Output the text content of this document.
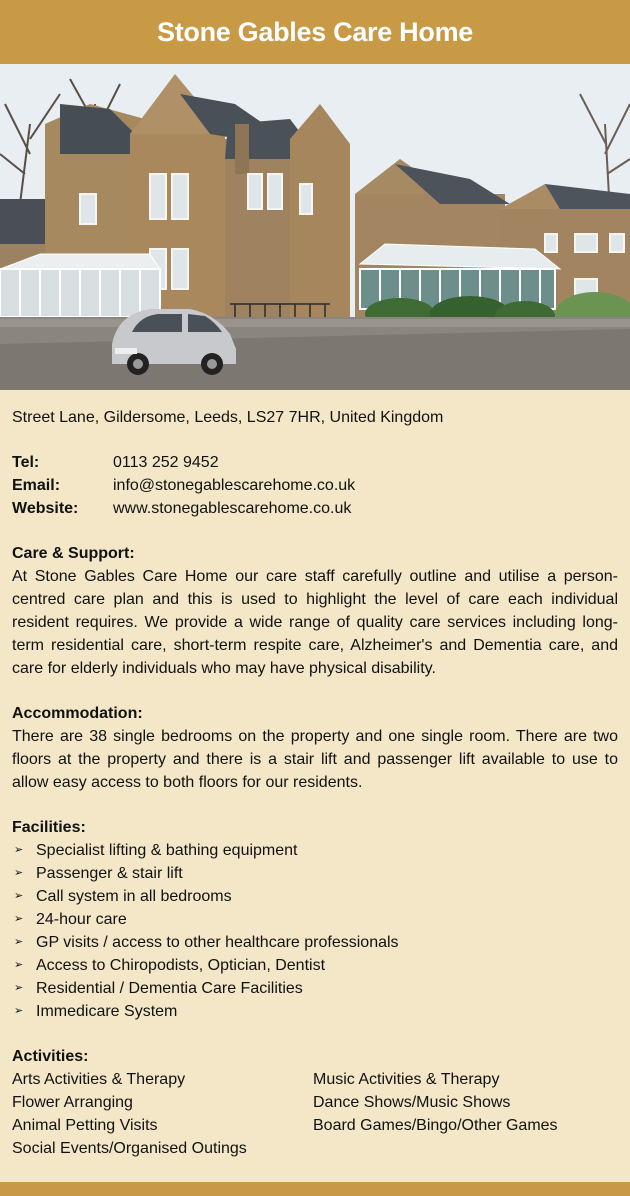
Stone Gables Care Home
Street Lane, Gildersome, Leeds, LS27 7HR, United Kingdom
Tel:	0113 252 9452
Email:	info@stonegablescarehome.co.uk
Website:	www.stonegablescarehome.co.uk
Care & Support:
At Stone Gables Care Home our care staff carefully outline and utilise a person-centred care plan and this is used to highlight the level of care each individual resident requires. We provide a wide range of quality care services including long-term residential care, short-term respite care, Alzheimer's and Dementia care, and care for elderly individuals who may have physical disability.
Accommodation:
There are 38 single bedrooms on the property and one single room. There are two floors at the property and there is a stair lift and passenger lift available to use to allow easy access to both floors for our residents.
Facilities:
➢ Specialist lifting & bathing equipment
➢ Passenger & stair lift
➢ Call system in all bedrooms
➢ 24-hour care
➢ GP visits / access to other healthcare professionals
➢ Access to Chiropodists, Optician, Dentist
➢ Residential / Dementia Care Facilities
➢ Immedicare System
Activities:
Arts Activities & Therapy	Music Activities & Therapy
Flower Arranging	Dance Shows/Music Shows
Animal Petting Visits	Board Games/Bingo/Other Games
Social Events/Organised Outings
